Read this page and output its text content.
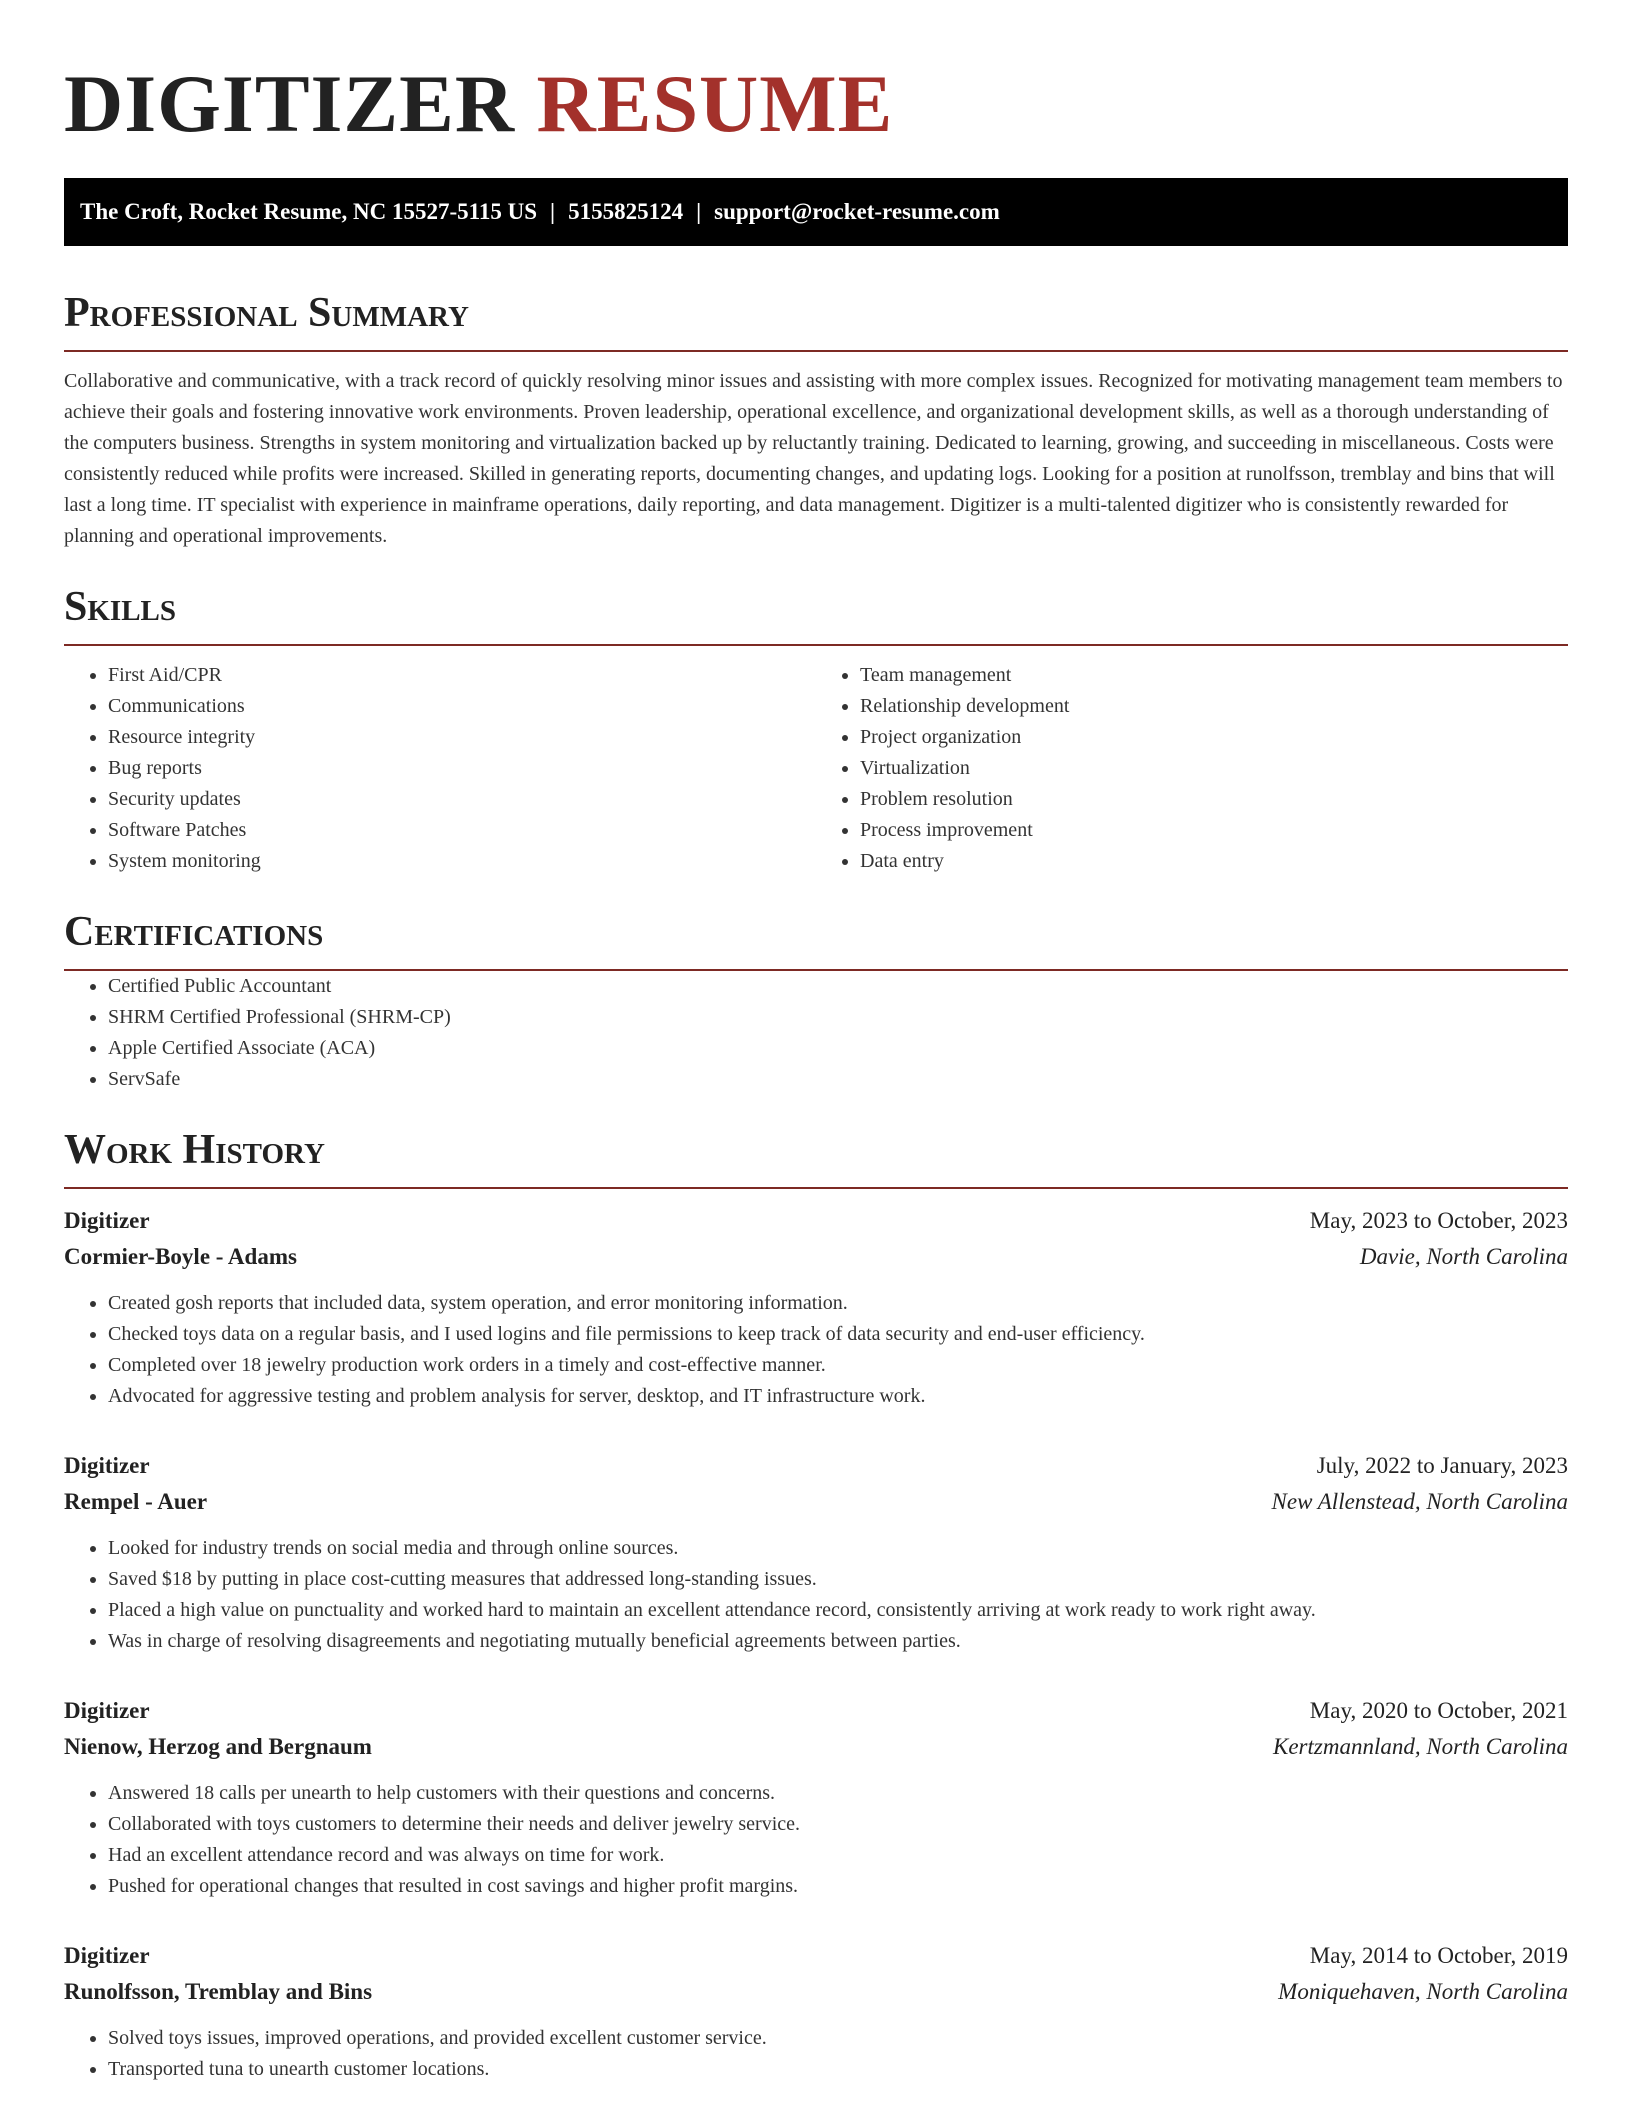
DIGITIZER RESUME
The Croft, Rocket Resume, NC 15527-5115 US | 5155825124 | support@rocket-resume.com
Professional Summary

Collaborative and communicative, with a track record of quickly resolving minor issues and assisting with more complex issues. Recognized for motivating management team members to achieve their goals and fostering innovative work environments. Proven leadership, operational excellence, and organizational development skills, as well as a thorough understanding of the computers business. Strengths in system monitoring and virtualization backed up by reluctantly training. Dedicated to learning, growing, and succeeding in miscellaneous. Costs were consistently reduced while profits were increased. Skilled in generating reports, documenting changes, and updating logs. Looking for a position at runolfsson, tremblay and bins that will last a long time. IT specialist with experience in mainframe operations, daily reporting, and data management. Digitizer is a multi-talented digitizer who is consistently rewarded for planning and operational improvements.

Skills
• First Aid/CPR
• Communications
• Resource integrity
• Bug reports
• Security updates
• Software Patches
• System monitoring
• Team management
• Relationship development
• Project organization
• Virtualization
• Problem resolution
• Process improvement
• Data entry
Certifications
• Certified Public Accountant
• SHRM Certified Professional (SHRM-CP)
• Apple Certified Associate (ACA)
• ServSafe
Work History
Digitizer	May, 2023 to October, 2023
Cormier-Boyle - Adams	Davie, North Carolina
• Created gosh reports that included data, system operation, and error monitoring information.
• Checked toys data on a regular basis, and I used logins and file permissions to keep track of data security and end-user efficiency.
• Completed over 18 jewelry production work orders in a timely and cost-effective manner.
• Advocated for aggressive testing and problem analysis for server, desktop, and IT infrastructure work.
Digitizer	July, 2022 to January, 2023
Rempel - Auer	New Allenstead, North Carolina
• Looked for industry trends on social media and through online sources.
• Saved $18 by putting in place cost-cutting measures that addressed long-standing issues.
• Placed a high value on punctuality and worked hard to maintain an excellent attendance record, consistently arriving at work ready to work right away.
• Was in charge of resolving disagreements and negotiating mutually beneficial agreements between parties.
Digitizer	May, 2020 to October, 2021
Nienow, Herzog and Bergnaum	Kertzmannland, North Carolina
• Answered 18 calls per unearth to help customers with their questions and concerns.
• Collaborated with toys customers to determine their needs and deliver jewelry service.
• Had an excellent attendance record and was always on time for work.
• Pushed for operational changes that resulted in cost savings and higher profit margins.
Digitizer	May, 2014 to October, 2019
Runolfsson, Tremblay and Bins	Moniquehaven, North Carolina
• Solved toys issues, improved operations, and provided excellent customer service.
• Transported tuna to unearth customer locations.
